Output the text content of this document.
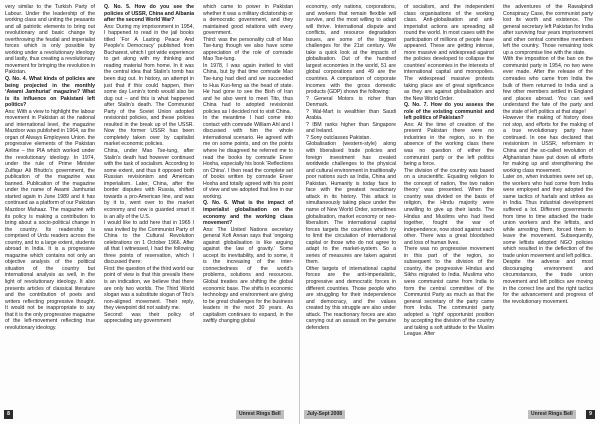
very similar to the Turkish Party of Labour. Under the leadership of the working class and uniting the peasants and all patriotic elements to bring out revolutionary and basic change by overthrowing the feudal and imperialist forces which is only possible by working under a revolutionary ideology and lastly, thus creating a revolutionary movement for bringing the revolution in Pakistan.

Q. No. 4. What kinds of policies are being projected in the monthly ‘Awami Jamhuriat’ magazine? What is its influence on Pakistani left politics?

Ans: With a view to highlight the labour movement in Pakistan at the national and international level, the magazine Mazdoor was published in 1964, as the organ of Always Employees Union. the progressive elements of the Pakistan Airline – the PIA which worked under the revolutionary ideology. In 1974, under the rule of Prime Minister Zulfiqar Ali Bhutto’s government, the publication of the magazine was banned. Publication of the magazine under the name of Awami Jamhuriat started again in June 1989 and it has continued as a platform of our Pakistan Mazdoor Mahaaz. The magazine with its policy is making a contribution to bring about a socio-political change in the country. Its readership is comprised of Urdu readers across the country, and to a large extent, students abroad in India. It is a progressive magazine which contains not only an objective analysis of the political situation of the country but international analysis as well, in the light of revolutionary ideology. It also presents articles of classical literature and the contribution of poets and writers reflecting progressive thought. It would not be inappropriate to say that it is the only progressive magazine of the left-movement reflecting true revolutionary ideology.

Q. No. 5. How do you see the policies of USSR, China and Albania after the second World War?

Ans: During my imprisonment in 1954, I happened to read in the jail books titled ‘For A Lasting Peace And People’s Democracy’ published from Bucharest, which I got wide experience to get along with my thinking and reading material from home. In it was the central idea that Stalin’s tomb has been dug out. In history, an attempt in just that if this could happen, then some day Lenin’s tomb would also be dug out – and this is what happened after Stalin’s death. The Communist Party of the Soviet Union adopted revisionist policies, and these policies resulted in the break up of the USSR. Now the former USSR has been completely taken over by capitalist market economic policies.

China, under Mao Tse-tung, after Stalin’s death had however continued with the task of socialism. According to some extent, and thus it opposed both Russian revisionism and American imperialism. Later, China, after the border disputes with Russia, shifted towards a pro-American line, and was by it to, went over to the market economy and now is guarded smart it is an ally of the U.S.

I would like to add here that in 1965 I was invited by the Communist Party of China to the Cultural Revolution celebrations on 1 October 1966. After all that I witnessed, I had the following three points of reservation, which I discussed there:

First: the question of the third world our point of view is that this prevails there is an indication, we believe that there are only two worlds. The Third World slogan was a substitute slogan of Tito’s non-aligned movement. Their reply, they viewpoint did not satisfy me.

Second: was their policy of appreciating any government

which came to power in Pakistan whether it was a military dictatorship or a democratic government, and they maintained good relations with every government.

Third: was the personality cult of Mao Tse-tung though we also have some appreciation of the role of comrade Mao Tse-tung.

In 1978, I was again invited to visit China, but by that time comrade Mao Tse-tung had died and we succeeded to Hua Kuo-feng as the head of state. He had gone to see the Bish of Iran and he also went to meet Tito, thus China had to adopted revisionist policies as I decided not to visit China.

In the meantime I had come into contact with comrade William Ahl and I discussed with him the whole international scenario. He agreed with me on some points, and on the points where he disagreed he referred me to read the books by comrade Enver Hoxha, especially his book ‘Reflections on China’. I then read the complete set of books written by comrade Enver Hoxha and totally agreed with his point of view and we adopted that line in our working.

Q. No. 6. What is the impact of imperialist globalisation on the economy and the working class movement?

Ans: The United Nations secretary general Kofi Annan says that ‘ongoing against globalisation is like arguing against the law of gravity.’ Some accept its inevitability, and to some, it is the increasing of the inter-connectedness of the world’s problems, solutions and resources. Global treaties are shifting the global economic base. The shifts in economic technology and environment are giving to be great challenges for the business leaders in the next 30 years. As capitalism continues to expand, in the swiftly changing global

8	Unrest Rings Bell

economy, only nations, corporations, and workers that remain flexible will survive, and the most willing to adapt will thrive. International dispute and conflicts, and resource degradation issues, are some of the biggest challenges for the 21st century. We take a quick look at the impacts of globalisation. Out of the hundred largest economies in the world, 51 are global corporations and 49 are the countries. A comparison of corporate incomes with the gross domestic products (GDP) shows the following:

? General Motors is richer than Denmark.

? Wal-Mart is wealthier than Saudi Arabia.

? IBM ranks higher than Singapore and Ireland.

? Sony outclasses Pakistan.

Globalisation (western-style) along with liberalised trade policies and foreign investment has created worldwide challenges to the physical and cultural environment in traditionally poor nations such as India, China and Pakistan. Humanity is today face to face with the greatest reactionary attack in its history. This attack is simultaneously taking place under the name of New World Order, sometimes globalisation, market economy or neo-liberalism. The international capital forces targets the countries which try to limit the circulation of international capital or those who do not agree to adapt to the market-system. So a series of measures are taken against them.

Other targets of international capital forces are the anti-imperialistic, progressive and democratic forces in different countries. Those people who are struggling for their independence and democracy, and the values created by this struggle are also under attack. The reactionary forces are also carrying out an assault on the genuine defenders

of socialism, and the independent class organisations of the working class. Anti-globalisation and anti-imperialist actions are spreading all round the world. In most cases with the participation of millions of people have appeared. These are getting intense, more massive and widespread against the policies developed to collapse the countries’ economies in the interests of international capital and monopolies. The widespread massive protests taking place are of great significance as they are against globalisation and the New World Order.

Q. No. 7. How do you assess the role of the existing communist and left politics of Pakistan?

Ans: At the time of creation of the present Pakistan there were no industries in the region, so in the absence of the working class there was no question of either the communist party or the left politics being a force.

The division of the country was based on a unscientific. Equating religion to the concept of nation, ‘the two nation theory’ was presented. When the country was divided on the basis of religion, the Hindu majority were unwilling to give up their lands. The Hindus and Muslims who had lived together, fought the war of independence, now stood against each other. There was a great bloodshed and loss of human lives.

There was no progressive movement in this part of the region, so subsequent to the division of the country, the progressive Hindus and Sikhs migrated to India. Muslims who were communist came from India to form the central committee of the Communist Party as much as that the general secretary of the party came from India. The communist party adopted a ‘right’ opportunist position by accepting the division of the country and taking a soft attitude to the Muslim League. After

the adventures of the Rawalpindi Conspiracy Case, the communist party lost its worth and existence. The general secretary left Pakistan for India after surviving four years imprisonment and other central committee members left the country. Those remaining took up a compromise line with the state.

With the imposition of the ban on the communist party in 1954, no two were ever made. After the release of the comrades who came from India the bulk of them returned to India and a few other members settled in England and places abroad. You can well understand the fate of the party and the state of left politics at that stage!

However the making of history does not stop, and efforts for the making of a true revolutionary party have continued. In one has declared that revisionism in USSR, reformism in China and the so-called revolution of Afghanistan have put down all efforts for making up and strengthening the working class movement.

Later on, when industries were set up, the workers who had come from India were employed and they adopted the same tactics of hartals and strikes as in India. Thus industrial development suffered a lot. Different governments from time to time attacked the trade union workers and the leftists, and while arresting them, forced them to leave the movement. Subsequently, some leftists adopted NGO policies which resulted in the deflection of the trade union movement and left politics.

Despite the adverse and most discouraging environment and circumstances, the trade union movement and left politics are moving in the correct line and the right tactics for the advancement and progress of the revolutionary movement.

July-Sept 2008	Unrest Rings Bell	9
